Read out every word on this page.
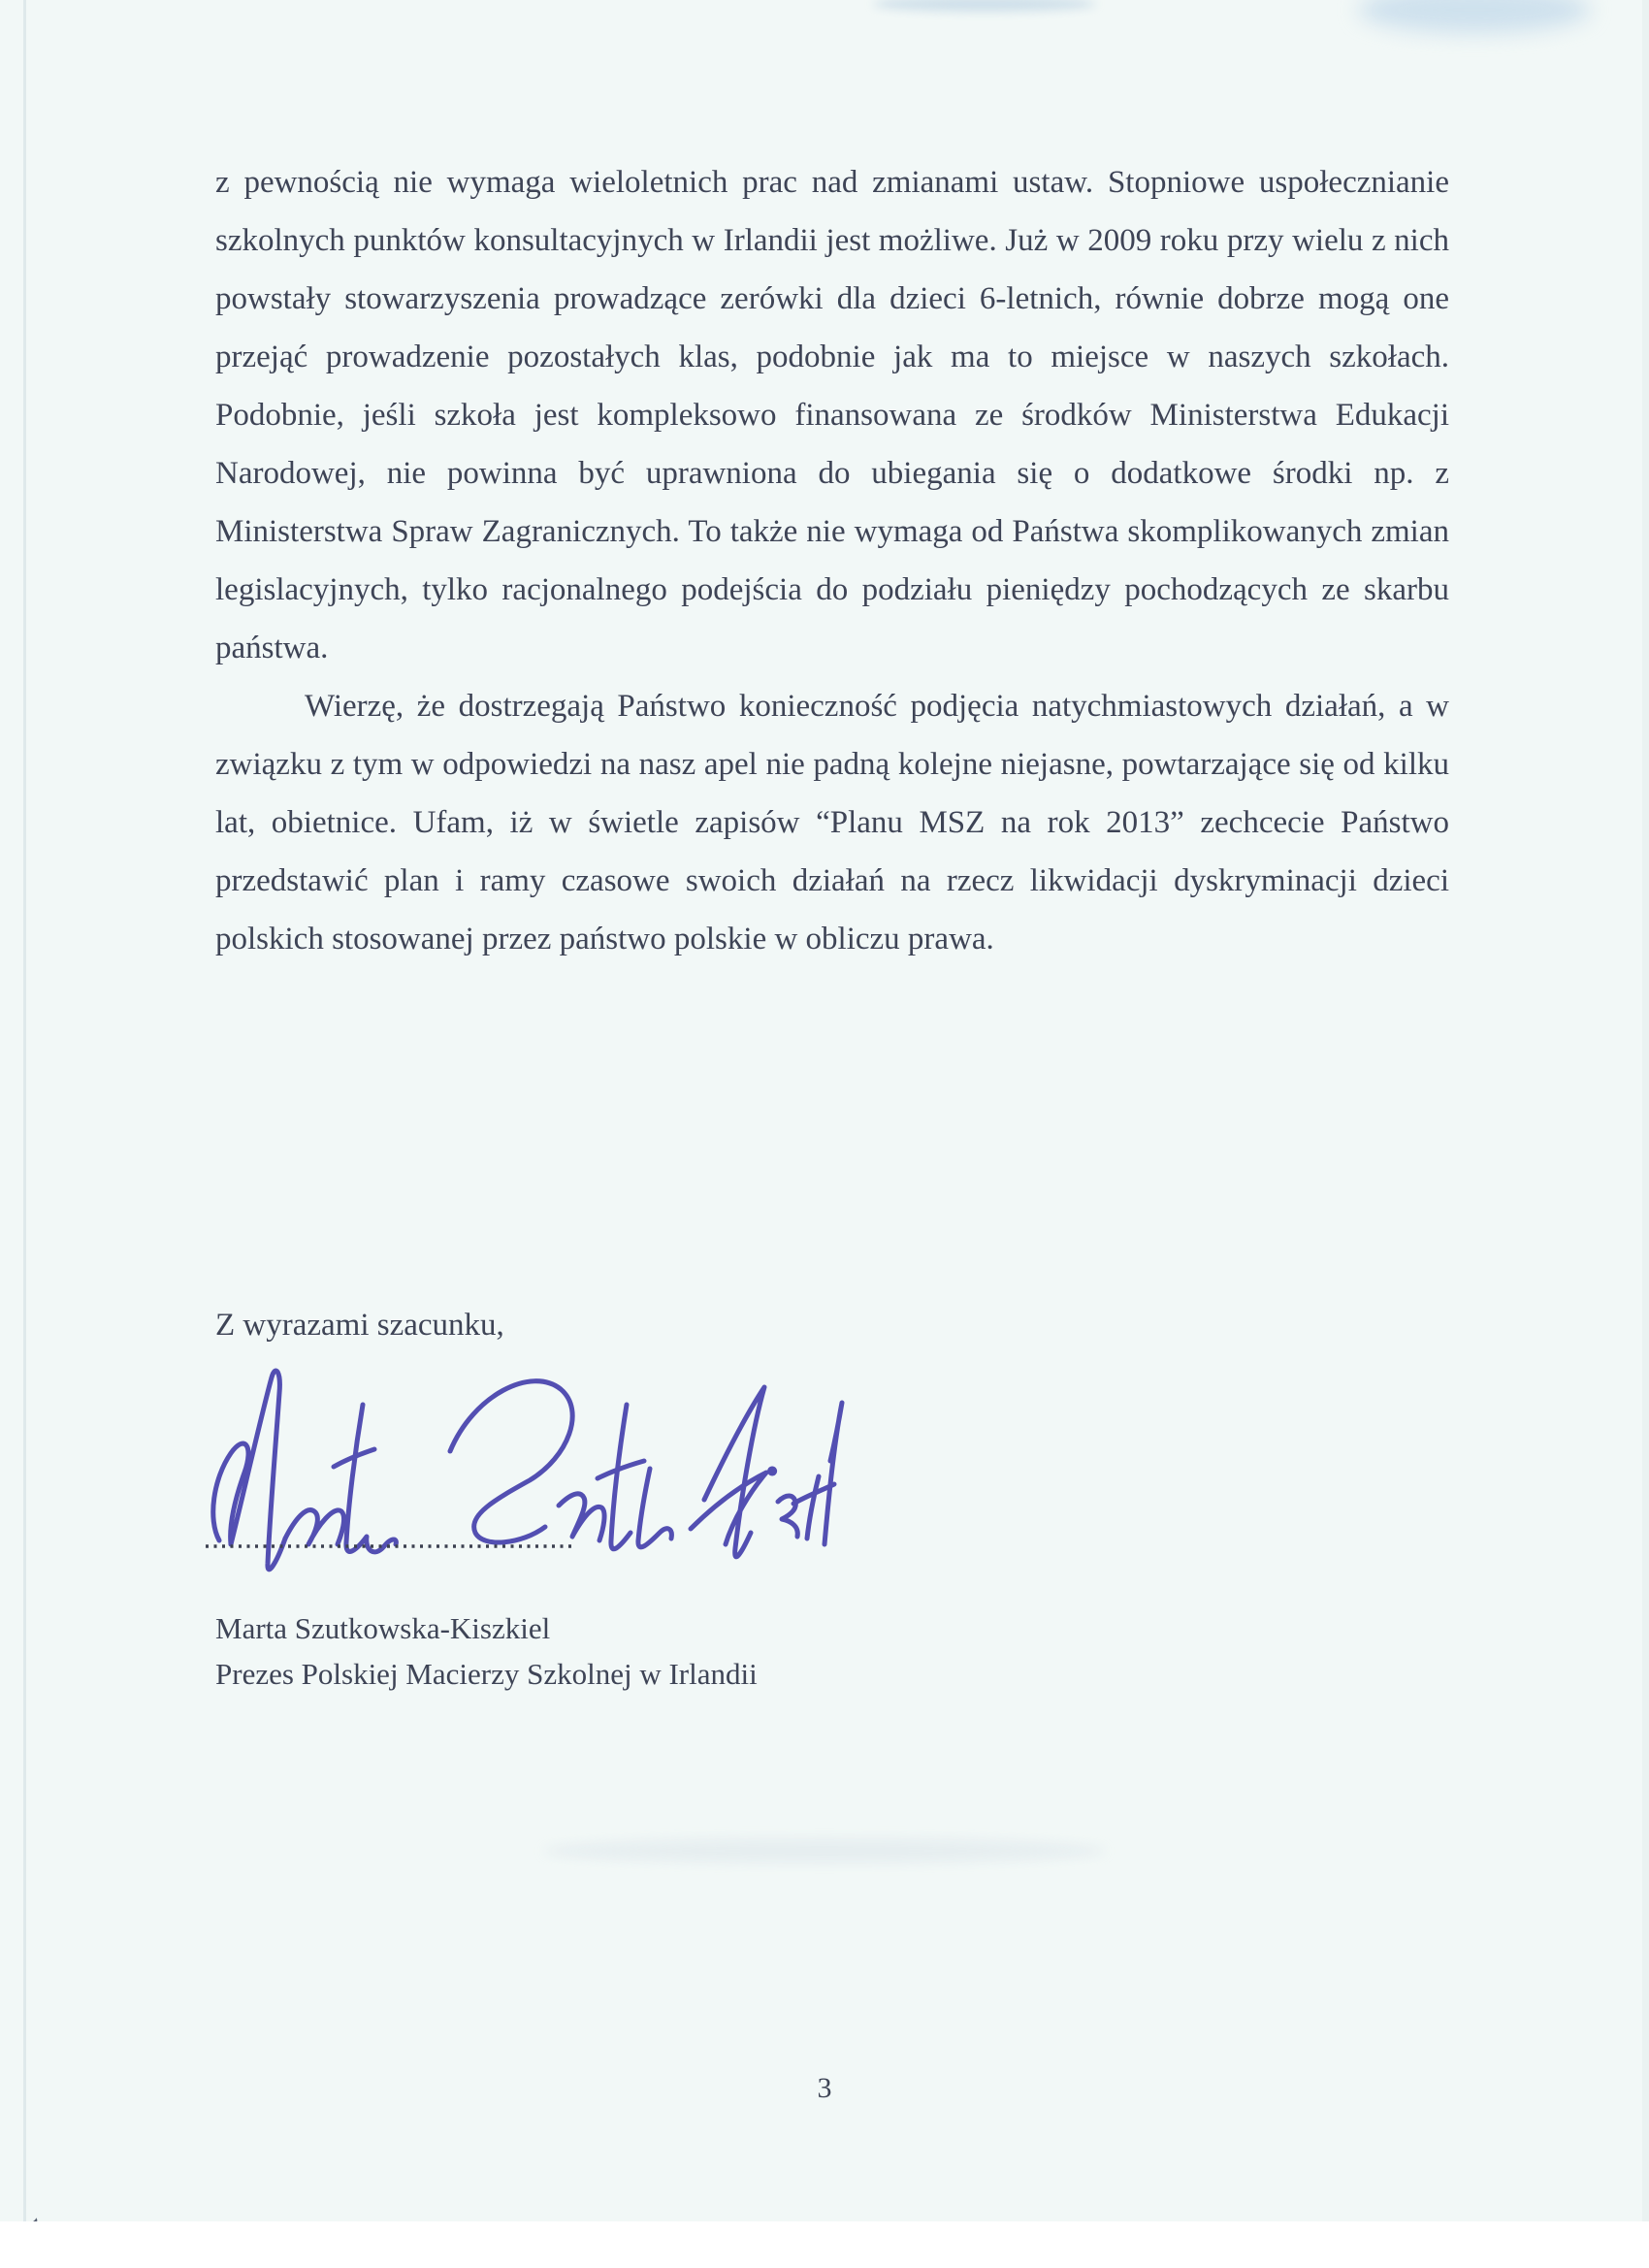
z pewnością nie wymaga wieloletnich prac nad zmianami ustaw. Stopniowe uspołecznianie szkolnych punktów konsultacyjnych w Irlandii jest możliwe. Już w 2009 roku przy wielu z nich powstały stowarzyszenia prowadzące zerówki dla dzieci 6-letnich, równie dobrze mogą one przejąć prowadzenie pozostałych klas, podobnie jak ma to miejsce w naszych szkołach. Podobnie, jeśli szkoła jest kompleksowo finansowana ze środków Ministerstwa Edukacji Narodowej, nie powinna być uprawniona do ubiegania się o dodatkowe środki np. z Ministerstwa Spraw Zagranicznych. To także nie wymaga od Państwa skomplikowanych zmian legislacyjnych, tylko racjonalnego podejścia do podziału pieniędzy pochodzących ze skarbu państwa.

Wierzę, że dostrzegają Państwo konieczność podjęcia natychmiastowych działań, a w związku z tym w odpowiedzi na nasz apel nie padną kolejne niejasne, powtarzające się od kilku lat, obietnice. Ufam, iż w świetle zapisów “Planu MSZ na rok 2013” zechcecie Państwo przedstawić plan i ramy czasowe swoich działań na rzecz likwidacji dyskryminacji dzieci polskich stosowanej przez państwo polskie w obliczu prawa.

Z wyrazami szacunku,
Marta Szutkowska-Kiszkiel
Prezes Polskiej Macierzy Szkolnej w Irlandii
3
